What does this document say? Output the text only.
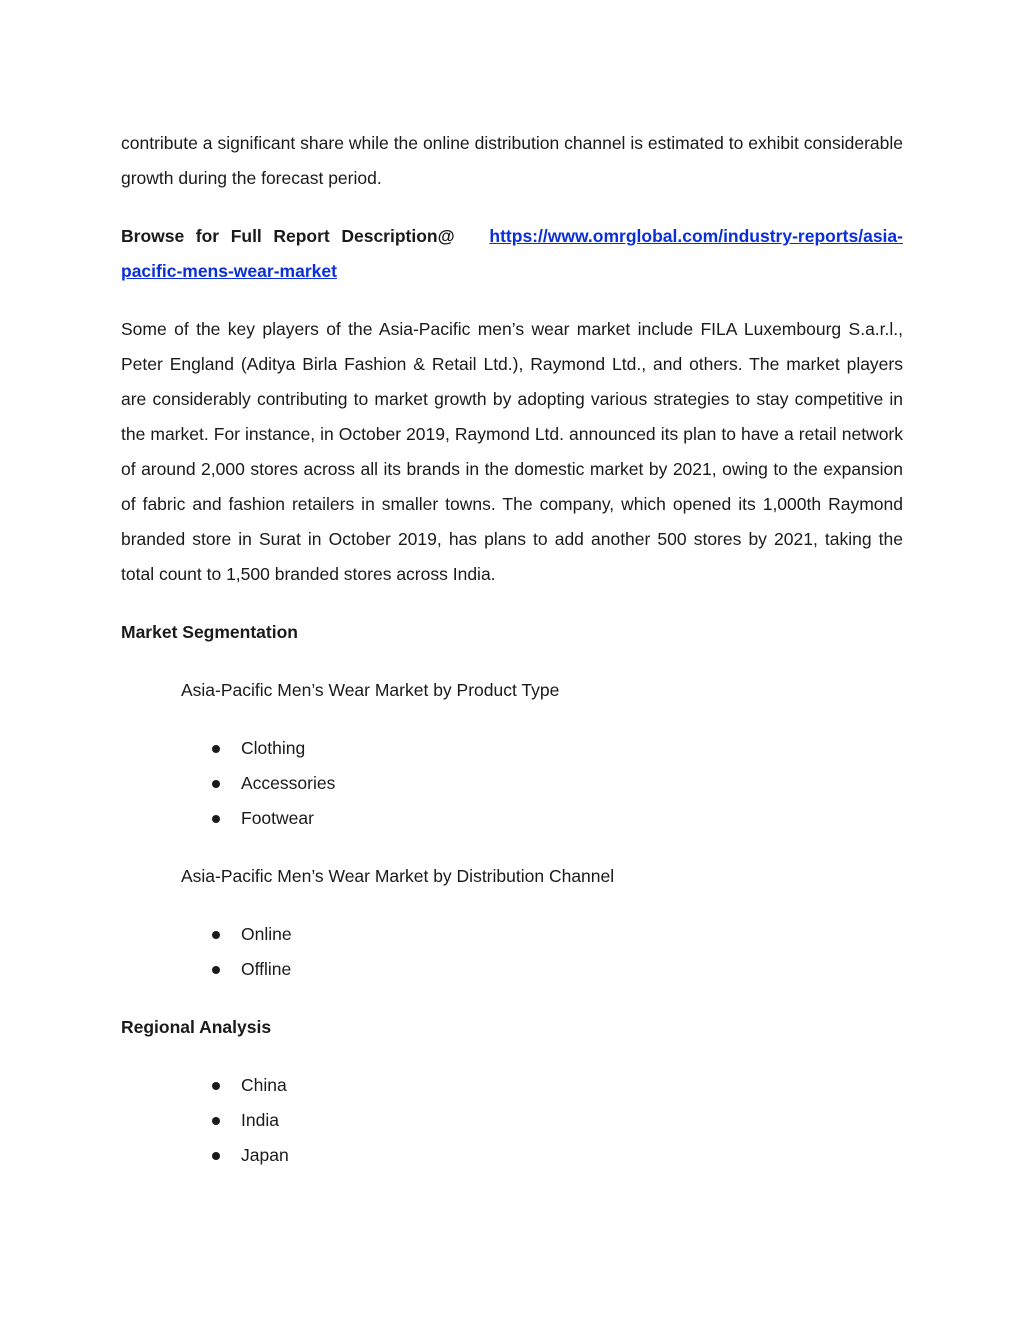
contribute a significant share while the online distribution channel is estimated to exhibit considerable growth during the forecast period.

Browse for Full Report Description@ https://www.omrglobal.com/industry-reports/asia-pacific-mens-wear-market

Some of the key players of the Asia-Pacific men’s wear market include FILA Luxembourg S.a.r.l., Peter England (Aditya Birla Fashion & Retail Ltd.), Raymond Ltd., and others. The market players are considerably contributing to market growth by adopting various strategies to stay competitive in the market. For instance, in October 2019, Raymond Ltd. announced its plan to have a retail network of around 2,000 stores across all its brands in the domestic market by 2021, owing to the expansion of fabric and fashion retailers in smaller towns. The company, which opened its 1,000th Raymond branded store in Surat in October 2019, has plans to add another 500 stores by 2021, taking the total count to 1,500 branded stores across India.

Market Segmentation

Asia-Pacific Men’s Wear Market by Product Type

Clothing
Accessories
Footwear

Asia-Pacific Men’s Wear Market by Distribution Channel

Online
Offline

Regional Analysis

China
India
Japan
